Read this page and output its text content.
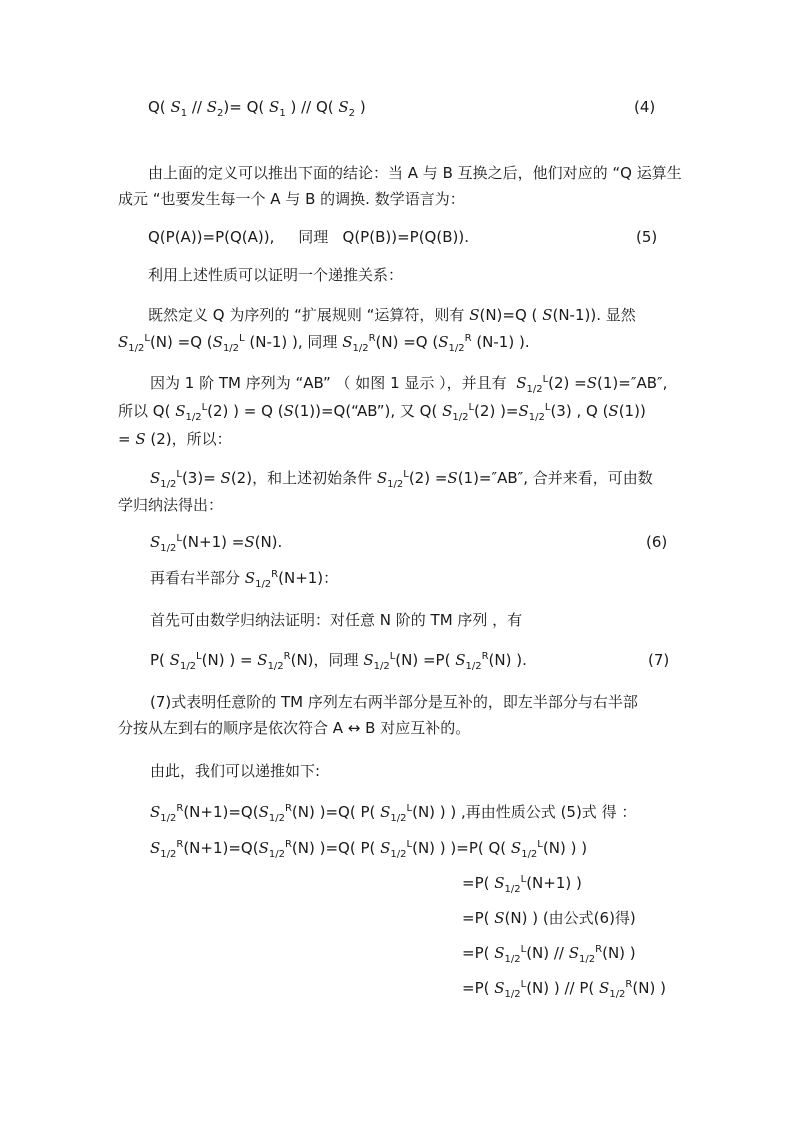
Q( $S_1 // S_2)= Q$( $S_1$ ) // Q( $S_2$ )	(4)
由上面的定义可以推出下面的结论：当 A 与 B 互换之后，他们对应的 “Q 运算生
成元 “也要发生每一个 A 与 B 的调换. 数学语言为：
Q(P(A))=P(Q(A)),     同理   Q(P(B))=P(Q(B)).	(5)
利用上述性质可以证明一个递推关系：
既然定义 Q 为序列的 “扩展规则 “运算符，则有 S(N)=Q ( S(N-1)). 显然
$S_{1/2}^L(N) =Q$ ($S_{1/2}^L$ (N-1) ), 同理 $S_{1/2}^R(N) =Q$ ($S_{1/2}^R$ (N-1) ).
因为 1 阶 TM 序列为 “AB” （ 如图 1 显示 ），并且有 $S_{1/2}^L(2) =S(1)=''AB''$,
所以 Q( $S_{1/2}^L(2)$ ) = Q (S(1))=Q(“AB”), 又 Q( $S_{1/2}^L(2)$ )$=S_{1/2}^L(3)$ , Q (S(1))
= S (2)，所以：
$S_{1/2}^L(3)= S(2)$，和上述初始条件 $S_{1/2}^L(2) =S(1)=''AB''$, 合并来看，可由数
学归纳法得出：
$S_{1/2}^L(N+1) =S(N)$.	(6)
再看右半部分 $S_{1/2}^R(N+1)$：
首先可由数学归纳法证明：对任意 N 阶的 TM 序列 ，有
P( $S_{1/2}^L(N)$ ) = $S_{1/2}^R(N)$，同理 $S_{1/2}^L(N) =P$( $S_{1/2}^R(N)$ ).	(7)
(7)式表明任意阶的 TM 序列左右两半部分是互补的，即左半部分与右半部
分按从左到右的顺序是依次符合 A ↔ B 对应互补的。
由此，我们可以递推如下:
$S_{1/2}^R(N+1)=Q(S_{1/2}^R(N)$ )=Q( P( $S_{1/2}^L(N)$ ) ) ,再由性质公式 (5)式 得 ：
$S_{1/2}^R(N+1)=Q(S_{1/2}^R(N)$ )=Q( P( $S_{1/2}^L(N)$ ) )=P( Q( $S_{1/2}^L(N)$ ) )
=P( $S_{1/2}^L(N+1)$ )
=P( S(N) ) (由公式(6)得)
=P( $S_{1/2}^L(N) // S_{1/2}^R(N)$ )
=P( $S_{1/2}^L(N)$ ) // P( $S_{1/2}^R(N)$ )
